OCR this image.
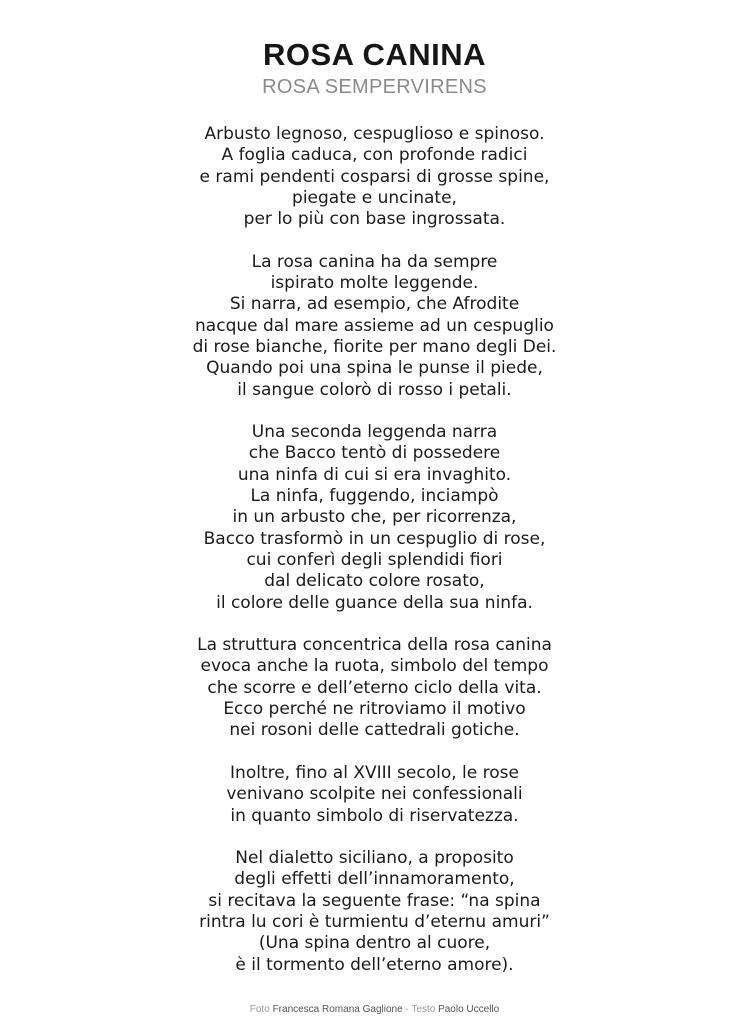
ROSA CANINA
ROSA SEMPERVIRENS
Arbusto legnoso, cespuglioso e spinoso.
A foglia caduca, con profonde radici
e rami pendenti cosparsi di grosse spine,
piegate e uncinate,
per lo più con base ingrossata.
La rosa canina ha da sempre
ispirato molte leggende.
Si narra, ad esempio, che Afrodite
nacque dal mare assieme ad un cespuglio
di rose bianche, fiorite per mano degli Dei.
Quando poi una spina le punse il piede,
il sangue colorò di rosso i petali.
Una seconda leggenda narra
che Bacco tentò di possedere
una ninfa di cui si era invaghito.
La ninfa, fuggendo, inciampò
in un arbusto che, per ricorrenza,
Bacco trasformò in un cespuglio di rose,
cui conferì degli splendidi fiori
dal delicato colore rosato,
il colore delle guance della sua ninfa.
La struttura concentrica della rosa canina
evoca anche la ruota, simbolo del tempo
che scorre e dell’eterno ciclo della vita.
Ecco perché ne ritroviamo il motivo
nei rosoni delle cattedrali gotiche.
Inoltre, fino al XVIII secolo, le rose
venivano scolpite nei confessionali
in quanto simbolo di riservatezza.
Nel dialetto siciliano, a proposito
degli effetti dell’innamoramento,
si recitava la seguente frase: “na spina
rintra lu cori è turmientu d’eternu amuri”
(Una spina dentro al cuore,
è il tormento dell’eterno amore).
Foto Francesca Romana Gaglione - Testo Paolo Uccello
